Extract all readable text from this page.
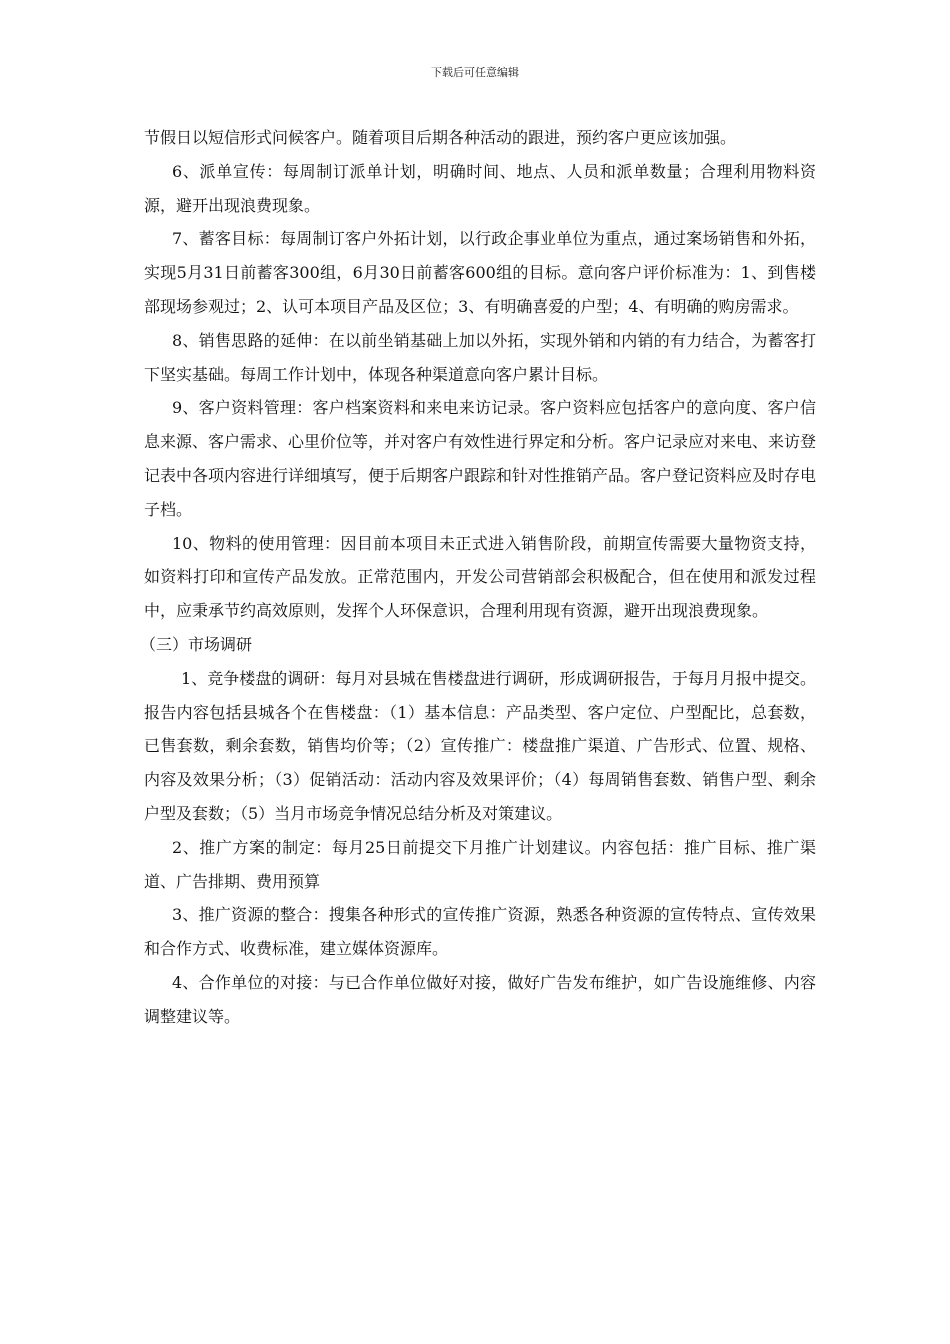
下载后可任意编辑

节假日以短信形式问候客户。随着项目后期各种活动的跟进，预约客户更应该加强。

6、派单宣传：每周制订派单计划，明确时间、地点、人员和派单数量；合理利用物料资源，避开出现浪费现象。

7、蓄客目标：每周制订客户外拓计划，以行政企事业单位为重点，通过案场销售和外拓，实现5月31日前蓄客300组，6月30日前蓄客600组的目标。意向客户评价标准为：1、到售楼部现场参观过；2、认可本项目产品及区位；3、有明确喜爱的户型；4、有明确的购房需求。

8、销售思路的延伸：在以前坐销基础上加以外拓，实现外销和内销的有力结合，为蓄客打下坚实基础。每周工作计划中，体现各种渠道意向客户累计目标。

9、客户资料管理：客户档案资料和来电来访记录。客户资料应包括客户的意向度、客户信息来源、客户需求、心里价位等，并对客户有效性进行界定和分析。客户记录应对来电、来访登记表中各项内容进行详细填写，便于后期客户跟踪和针对性推销产品。客户登记资料应及时存电子档。

10、物料的使用管理：因目前本项目未正式进入销售阶段，前期宣传需要大量物资支持，如资料打印和宣传产品发放。正常范围内，开发公司营销部会积极配合，但在使用和派发过程中，应秉承节约高效原则，发挥个人环保意识，合理利用现有资源，避开出现浪费现象。

（三）市场调研

1、竞争楼盘的调研：每月对县城在售楼盘进行调研，形成调研报告，于每月月报中提交。报告内容包括县城各个在售楼盘：（1）基本信息：产品类型、客户定位、户型配比，总套数，已售套数，剩余套数，销售均价等；（2）宣传推广：楼盘推广渠道、广告形式、位置、规格、内容及效果分析；（3）促销活动：活动内容及效果评价；（4）每周销售套数、销售户型、剩余户型及套数；（5）当月市场竞争情况总结分析及对策建议。

2、推广方案的制定：每月25日前提交下月推广计划建议。内容包括：推广目标、推广渠道、广告排期、费用预算

3、推广资源的整合：搜集各种形式的宣传推广资源，熟悉各种资源的宣传特点、宣传效果和合作方式、收费标准，建立媒体资源库。

4、合作单位的对接：与已合作单位做好对接，做好广告发布维护，如广告设施维修、内容调整建议等。
